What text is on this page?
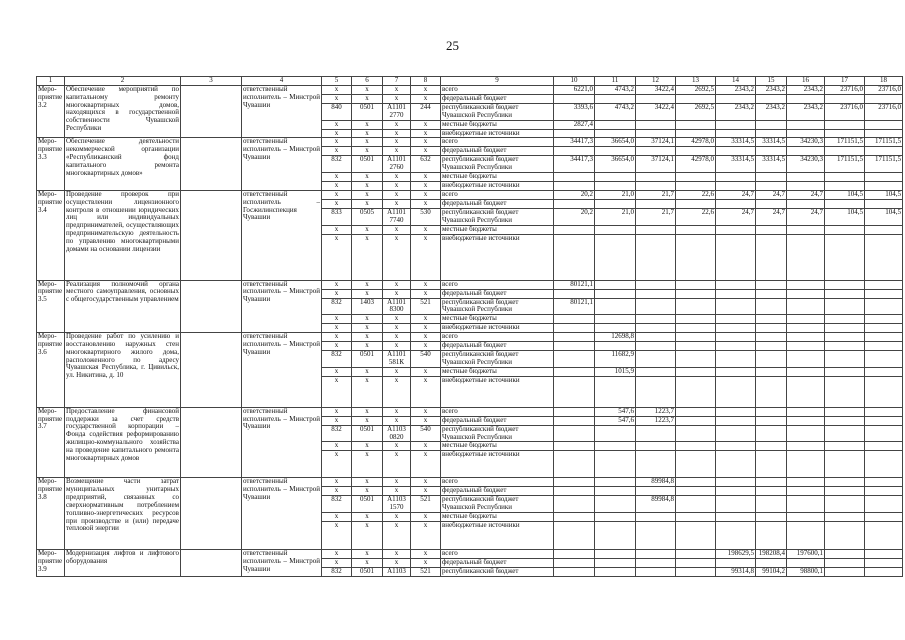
25
1	2	3	4	5	6	7	8	9	10	11	12	13	14	15	16	17	18
Меро-приятие 3.2	Обеспечение мероприятий по капитальному ремонту многоквартирных домов, находящихся в государственной собственности Чувашской Республики		ответственный исполнитель – Минстрой Чувашии	x	x	x	x	всего	6221,0	4743,2	3422,4	2692,5	2343,2	2343,2	2343,2	23716,0	23716,0
				x	x	x	x	федеральный бюджет									
				840	0501	А1101 2770	244	республиканский бюджет Чувашской Республики	3393,6	4743,2	3422,4	2692,5	2343,2	2343,2	2343,2	23716,0	23716,0
				x	x	x	x	местные бюджеты	2827,4								
				x	x	x	x	внебюджетные источники									
Меро-приятие 3.3	Обеспечение деятельности некоммерческой организации «Республиканский фонд капитального ремонта многоквартирных домов»		ответственный исполнитель – Минстрой Чувашии	x	x	x	x	всего	34417,3	36654,0	37124,1	42978,0	33314,5	33314,5	34230,3	171151,5	171151,5
				x	x	x	x	федеральный бюджет									
				832	0501	А1101 2760	632	республиканский бюджет Чувашской Республики	34417,3	36654,0	37124,1	42978,0	33314,5	33314,5	34230,3	171151,5	171151,5
				x	x	x	x	местные бюджеты									
				x	x	x	x	внебюджетные источники									
Меро-приятие 3.4	Проведение проверок при осуществлении лицензионного контроля в отношении юридических лиц или индивидуальных предпринимателей, осуществляющих предпринимательскую деятельность по управлению многоквартирными домами на основании лицензии		ответственный исполнитель – Госжилинспекция Чувашии	x	x	x	x	всего	20,2	21,0	21,7	22,6	24,7	24,7	24,7	104,5	104,5
				x	x	x	x	федеральный бюджет									
				833	0505	А1101 7740	530	республиканский бюджет Чувашской Республики	20,2	21,0	21,7	22,6	24,7	24,7	24,7	104,5	104,5
				x	x	x	x	местные бюджеты									
				x	x	x	x	внебюджетные источники									
Меро-приятие 3.5	Реализация полномочий органа местного самоуправления, основных с общегосударственным управлением		ответственный исполнитель – Минстрой Чувашии	x	x	x	x	всего	80121,1								
				x	x	x	x	федеральный бюджет									
				832	1403	А1101 8300	521	республиканский бюджет Чувашской Республики	80121,1								
				x	x	x	x	местные бюджеты									
				x	x	x	x	внебюджетные источники									
Меро-приятие 3.6	Проведение работ по усилению и восстановлению наружных стен многоквартирного жилого дома, расположенного по адресу Чувашская Республика, г. Цивильск, ул. Никитина, д. 10		ответственный исполнитель – Минстрой Чувашии	x	x	x	x	всего		12698,8							
				x	x	x	x	федеральный бюджет									
				832	0501	А1101 581К	540	республиканский бюджет Чувашской Республики		11682,9							
				x	x	x	x	местные бюджеты		1015,9							
				x	x	x	x	внебюджетные источники									
Меро-приятие 3.7	Предоставление финансовой поддержки за счет средств государственной корпорации – Фонда содействия реформированию жилищно-коммунального хозяйства на проведение капитального ремонта многоквартирных домов		ответственный исполнитель – Минстрой Чувашии	x	x	x	x	всего		547,6	1223,7						
				x	x	x	x	федеральный бюджет		547,6	1223,7						
				832	0501	А1103 0820	540	республиканский бюджет Чувашской Республики									
				x	x	x	x	местные бюджеты									
				x	x	x	x	внебюджетные источники									
Меро-приятие 3.8	Возмещение части затрат муниципальных унитарных предприятий, связанных со сверхнормативным потреблением топливно-энергетических ресурсов при производстве и (или) передаче тепловой энергии		ответственный исполнитель – Минстрой Чувашии	x	x	x	x	всего			89984,8						
				x	x	x	x	федеральный бюджет									
				832	0501	А1103 1570	521	республиканский бюджет Чувашской Республики			89984,8						
				x	x	x	x	местные бюджеты									
				x	x	x	x	внебюджетные источники									
Меро-приятие 3.9	Модернизация лифтов и лифтового оборудования		ответственный исполнитель – Минстрой Чувашии	x	x	x	x	всего					198629,5	198208,4	197600,1		
				x	x	x	x	федеральный бюджет									
				832	0501	А1103	521	республиканский бюджет					99314,8	99104,2	98800,1		
